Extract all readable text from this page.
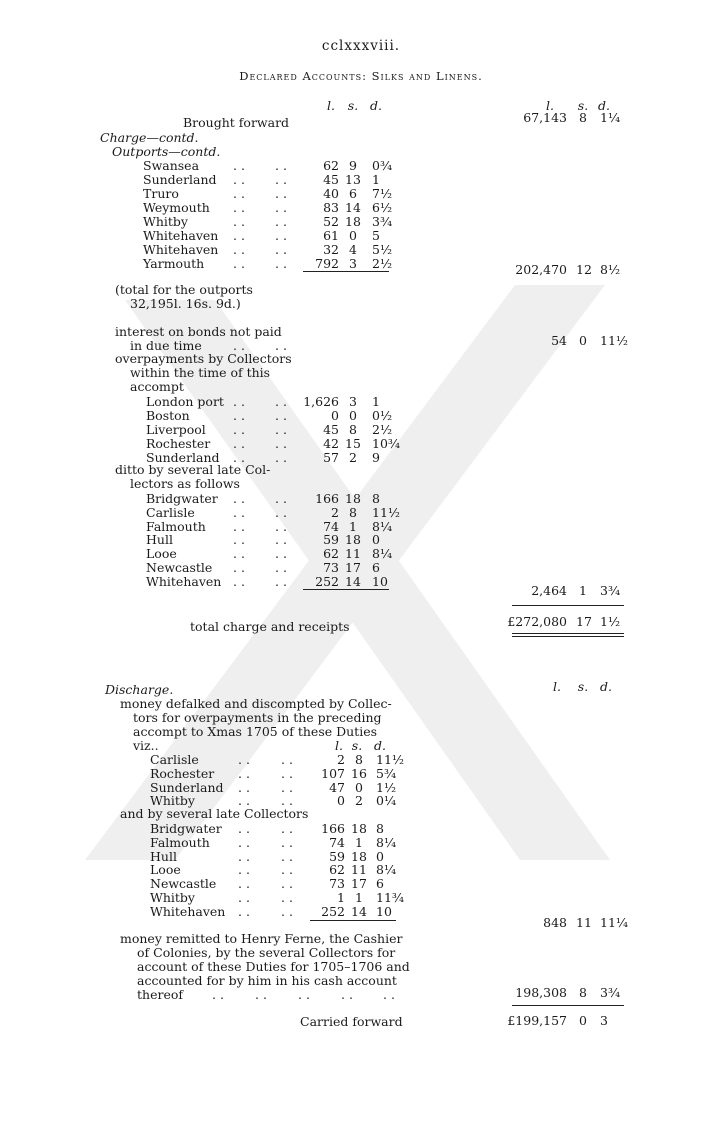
cclxxxviii.
Declared Accounts: Silks and Linens.
l.	s. d.	l.	s. d.
Brought forward	67,143 8 1¼
Charge—contd.
Outports—contd.
Swansea	. . . .	62 9	0¾
Sunderland . . . .	45 13 1
Truro	. . . .	40 6	7½
Weymouth . . . .	83 14 6½
Whitby	. . . .	52 18 3¾
Whitehaven . . . .	61 0	5
Whitehaven . . . .	32 4	5½
Yarmouth . . . .	792 3	2½	202,470 12 8½
(total for the outports
32,195l. 16s. 9d.)
interest on bonds not paid
in due time	. . . .	54 0 11½
overpayments by Collectors
within the time of this
accompt
London port . . . .	1,626 3	1
Boston	. . . .	0 0	0½
Liverpool . . . .	45 8	2½
Rochester . . . .	42 15 10¾
Sunderland . . . .	57 2	9
ditto by several late Col-
lectors as follows
Bridgwater . . . .	166 18 8
Carlisle	. . . .	2 8	11½
Falmouth . . . .	74 1	8¼
Hull	. . . .	59 18 0
Looe	. . . .	62 11 8¼
Newcastle . . . .	73 17 6
Whitehaven . . . .	252 14 10
2,464 1 3¾
total charge and receipts	£272,080 17 1½
Discharge.	l. s. d.
money defalked and discompted by Collec-
tors for overpayments in the preceding
accompt to Xmas 1705 of these Duties
viz..	l. s. d.
Carlisle	. . . .	2 8	11½
Rochester . . . .	107 16 5¾
Sunderland . . . .	47 0	1½
Whitby	. . . .	0 2	0¼
and by several late Collectors
Bridgwater . . . .	166 18 8
Falmouth . . . .	74 1	8¼
Hull	. . . .	59 18 0
Looe	. . . .	62 11 8¼
Newcastle . . . .	73 17 6
Whitby	. . . .	1 1	11¾
Whitehaven . . . .	252 14 10
848 11 11¼
money remitted to Henry Ferne, the Cashier
of Colonies, by the several Collectors for
account of these Duties for 1705–1706 and
accounted for by him in his cash account
thereof . . . . . . . . . .	198,308 8 3¾
Carried forward	£199,157 0 3
